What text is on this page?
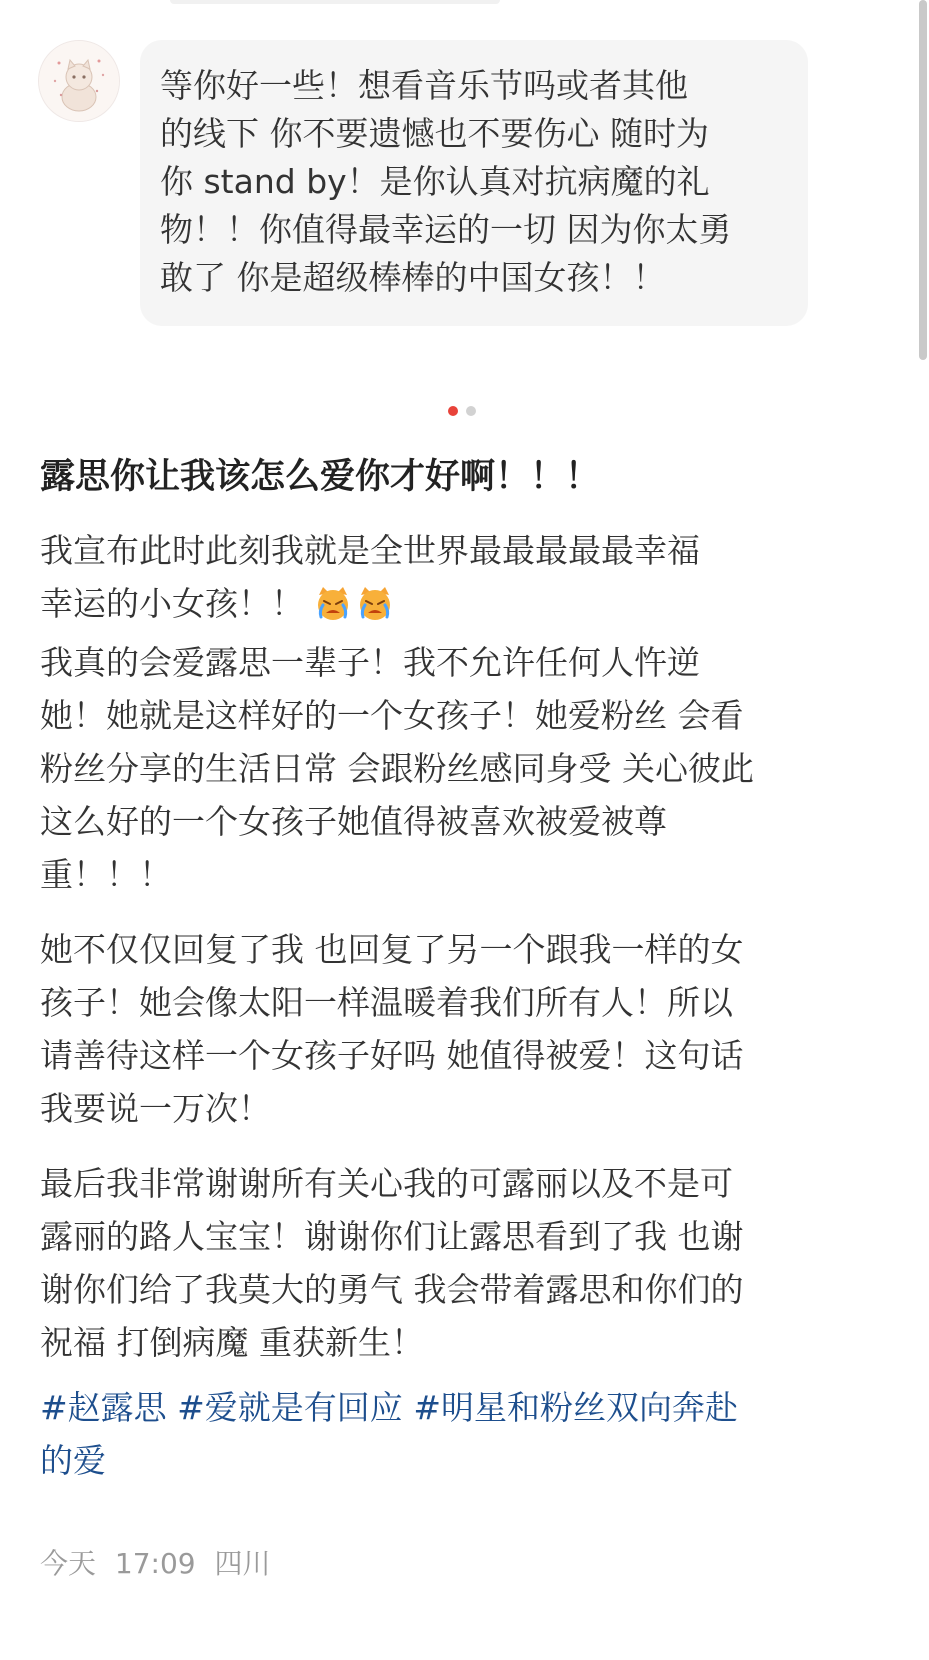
等你好一些！想看音乐节吗或者其他
的线下 你不要遗憾也不要伤心 随时为
你 stand by！是你认真对抗病魔的礼
物！！你值得最幸运的一切 因为你太勇
敢了 你是超级棒棒的中国女孩！！
露思你让我该怎么爱你才好啊！！！

我宣布此时此刻我就是全世界最最最最最幸福
幸运的小女孩！！
我真的会爱露思一辈子！我不允许任何人忤逆
她！她就是这样好的一个女孩子！她爱粉丝 会看
粉丝分享的生活日常 会跟粉丝感同身受 关心彼此
这么好的一个女孩子她值得被喜欢被爱被尊
重！！！

她不仅仅回复了我 也回复了另一个跟我一样的女
孩子！她会像太阳一样温暖着我们所有人！所以
请善待这样一个女孩子好吗 她值得被爱！这句话
我要说一万次！

最后我非常谢谢所有关心我的可露丽以及不是可
露丽的路人宝宝！谢谢你们让露思看到了我 也谢
谢你们给了我莫大的勇气 我会带着露思和你们的
祝福 打倒病魔 重获新生！

#赵露思 #爱就是有回应 #明星和粉丝双向奔赴
的爱
今天 17:09 四川
